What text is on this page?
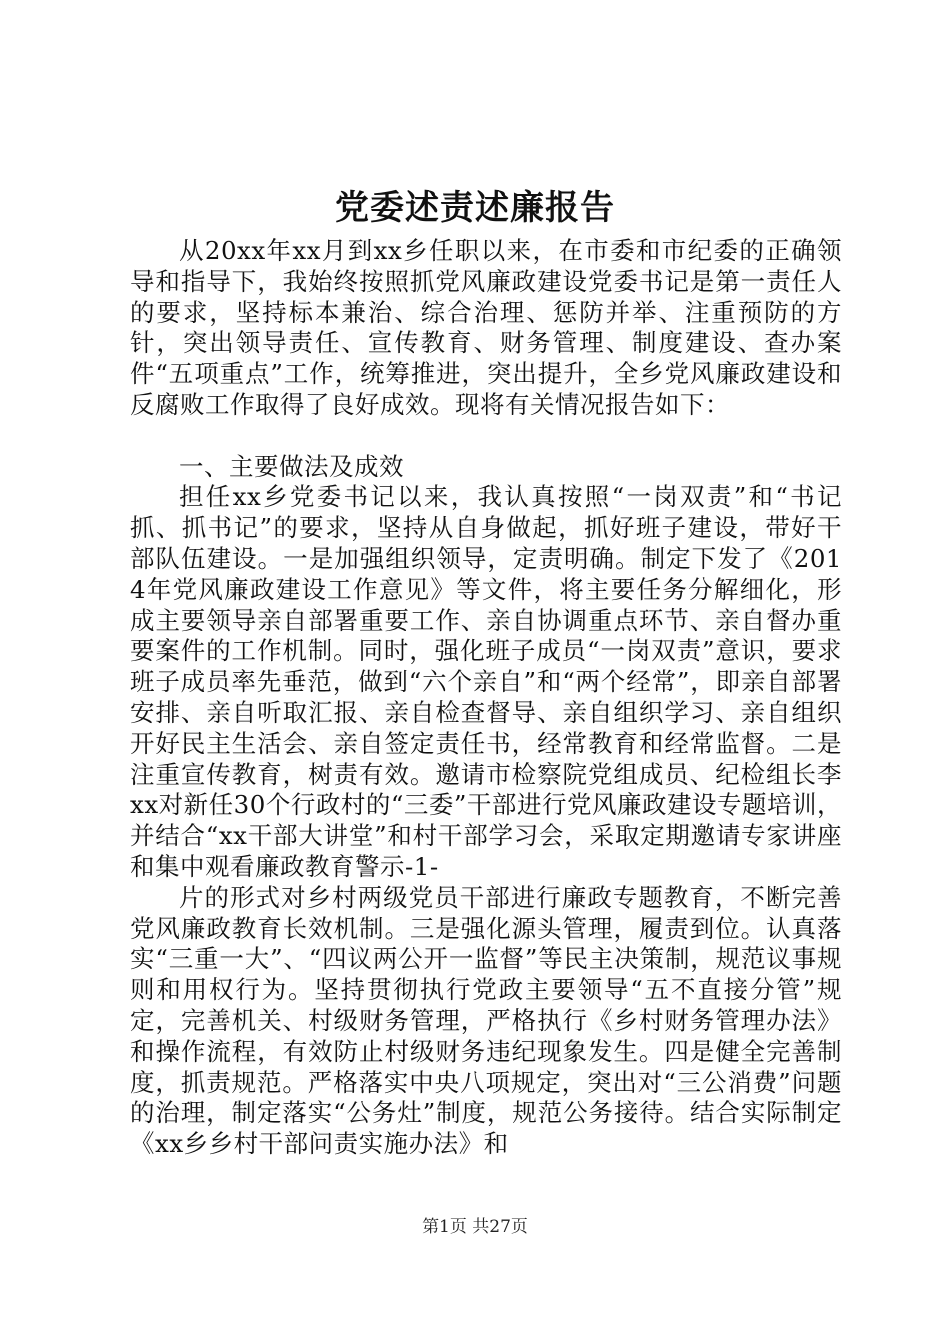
党委述责述廉报告

从20xx年xx月到xx乡任职以来，在市委和市纪委的正确领导和指导下，我始终按照抓党风廉政建设党委书记是第一责任人的要求，坚持标本兼治、综合治理、惩防并举、注重预防的方针，突出领导责任、宣传教育、财务管理、制度建设、查办案件“五项重点”工作，统筹推进，突出提升，全乡党风廉政建设和反腐败工作取得了良好成效。现将有关情况报告如下：

一、主要做法及成效

担任xx乡党委书记以来，我认真按照“一岗双责”和“书记抓、抓书记”的要求，坚持从自身做起，抓好班子建设，带好干部队伍建设。一是加强组织领导，定责明确。制定下发了《2014年党风廉政建设工作意见》等文件，将主要任务分解细化，形成主要领导亲自部署重要工作、亲自协调重点环节、亲自督办重要案件的工作机制。同时，强化班子成员“一岗双责”意识，要求班子成员率先垂范，做到“六个亲自”和“两个经常”，即亲自部署安排、亲自听取汇报、亲自检查督导、亲自组织学习、亲自组织开好民主生活会、亲自签定责任书，经常教育和经常监督。二是注重宣传教育，树责有效。邀请市检察院党组成员、纪检组长李xx对新任30个行政村的“三委”干部进行党风廉政建设专题培训，并结合“xx干部大讲堂”和村干部学习会，采取定期邀请专家讲座和集中观看廉政教育警示-1-

片的形式对乡村两级党员干部进行廉政专题教育，不断完善党风廉政教育长效机制。三是强化源头管理，履责到位。认真落实“三重一大”、“四议两公开一监督”等民主决策制，规范议事规则和用权行为。坚持贯彻执行党政主要领导“五不直接分管”规定，完善机关、村级财务管理，严格执行《乡村财务管理办法》和操作流程，有效防止村级财务违纪现象发生。四是健全完善制度，抓责规范。严格落实中央八项规定，突出对“三公消费”问题的治理，制定落实“公务灶”制度，规范公务接待。结合实际制定《xx乡乡村干部问责实施办法》和

第1页 共27页
